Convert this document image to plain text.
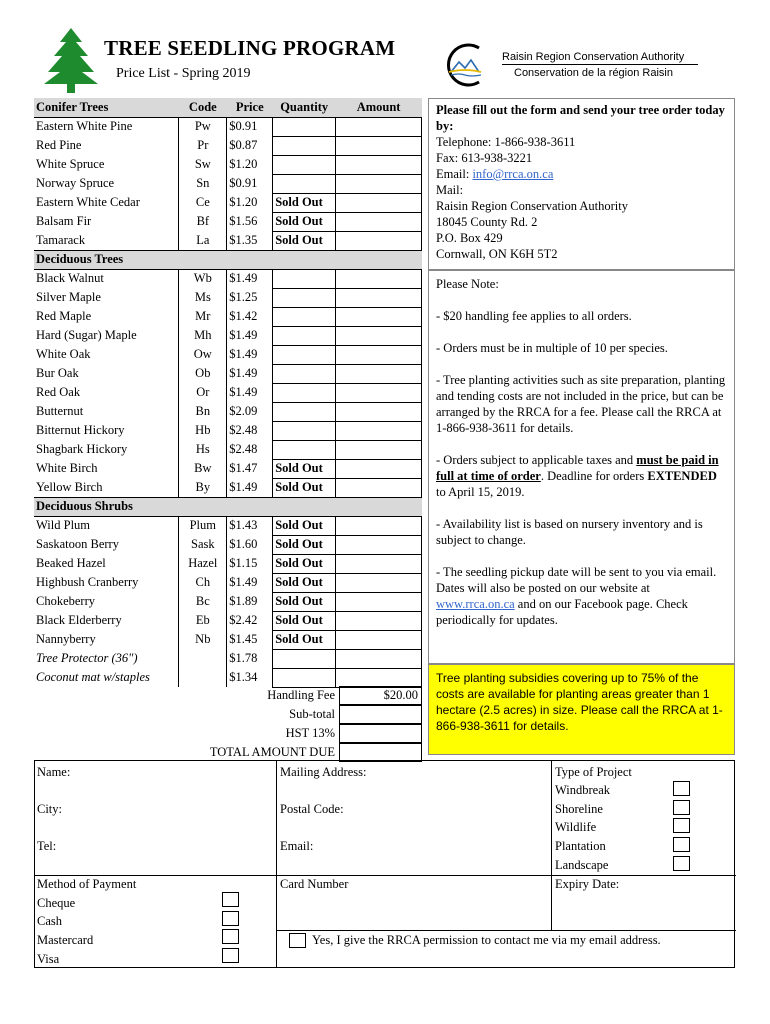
TREE SEEDLING PROGRAM
Price List - Spring 2019
Raisin Region Conservation Authority
Conservation de la région Raisin
Conifer Trees	Code	Price	Quantity	Amount
Eastern White Pine	Pw	$0.91		
Red Pine	Pr	$0.87		
White Spruce	Sw	$1.20		
Norway Spruce	Sn	$0.91		
Eastern White Cedar	Ce	$1.20	Sold Out	
Balsam Fir	Bf	$1.56	Sold Out	
Tamarack	La	$1.35	Sold Out	
Deciduous Trees				
Black Walnut	Wb	$1.49		
Silver Maple	Ms	$1.25		
Red Maple	Mr	$1.42		
Hard (Sugar) Maple	Mh	$1.49		
White Oak	Ow	$1.49		
Bur Oak	Ob	$1.49		
Red Oak	Or	$1.49		
Butternut	Bn	$2.09		
Bitternut Hickory	Hb	$2.48		
Shagbark Hickory	Hs	$2.48		
White Birch	Bw	$1.47	Sold Out	
Yellow Birch	By	$1.49	Sold Out	
Deciduous Shrubs				
Wild Plum	Plum	$1.43	Sold Out	
Saskatoon Berry	Sask	$1.60	Sold Out	
Beaked Hazel	Hazel	$1.15	Sold Out	
Highbush Cranberry	Ch	$1.49	Sold Out	
Chokeberry	Bc	$1.89	Sold Out	
Black Elderberry	Eb	$2.42	Sold Out	
Nannyberry	Nb	$1.45	Sold Out	
Tree Protector (36")		$1.78		
Coconut mat w/staples		$1.34		
Handling Fee	$20.00
Sub-total
HST 13%
TOTAL AMOUNT DUE
Please fill out the form and send your tree order today by:
Telephone: 1-866-938-3611
Fax: 613-938-3221
Email: info@rrca.on.ca
Mail:
Raisin Region Conservation Authority
18045 County Rd. 2
P.O. Box 429
Cornwall, ON K6H 5T2

Please Note:

- $20 handling fee applies to all orders.

- Orders must be in multiple of 10 per species.

- Tree planting activities such as site preparation, planting and tending costs are not included in the price, but can be arranged by the RRCA for a fee. Please call the RRCA at 1-866-938-3611 for details.

- Orders subject to applicable taxes and must be paid in full at time of order. Deadline for orders EXTENDED to April 15, 2019.

- Availability list is based on nursery inventory and is subject to change.

- The seedling pickup date will be sent to you via email. Dates will also be posted on our website at www.rrca.on.ca and on our Facebook page. Check periodically for updates.

Tree planting subsidies covering up to 75% of the costs are available for planting areas greater than 1 hectare (2.5 acres) in size. Please call the RRCA at 1-866-938-3611 for details.
Name:
City:
Tel:
Mailing Address:
Postal Code:
Email:
Type of Project
Windbreak
Shoreline
Wildlife
Plantation
Landscape
Method of Payment
Cheque
Cash
Mastercard
Visa
Card Number	Expiry Date:
Yes, I give the RRCA permission to contact me via my email address.
